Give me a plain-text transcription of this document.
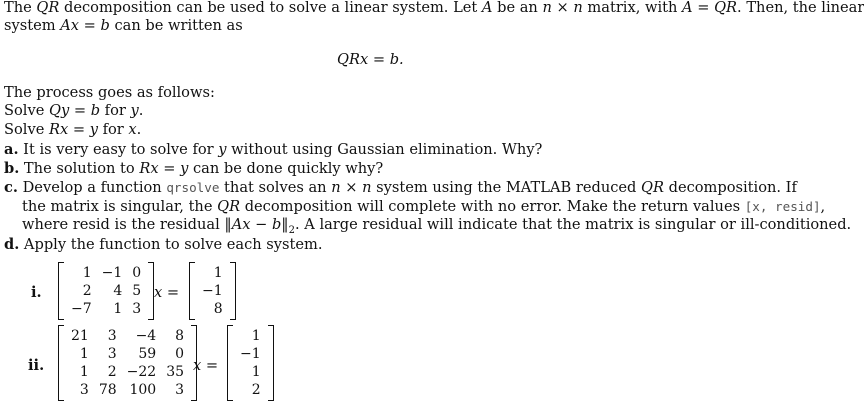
The QR decomposition can be used to solve a linear system. Let A be an n × n matrix, with A = QR. Then, the linear
system Ax = b can be written as
QRx = b.
The process goes as follows:
Solve Qy = b for y.
Solve Rx = y for x.
a. It is very easy to solve for y without using Gaussian elimination. Why?
b. The solution to Rx = y can be done quickly why?
c. Develop a function qrsolve that solves an n × n system using the MATLAB reduced QR decomposition. If
the matrix is singular, the QR decomposition will complete with no error. Make the return values [x, resid],
where resid is the residual ‖Ax − $b‖_2$. A large residual will indicate that the matrix is singular or ill-conditioned.
d. Apply the function to solve each system.
i.
1	−1	0
2	4	5
−7	1	3
x =
1
−1
8
ii.
21	3	−4	8
1	3	59	0
1	2	−22	35
3	78	100	3
x =
1
−1
1
2
